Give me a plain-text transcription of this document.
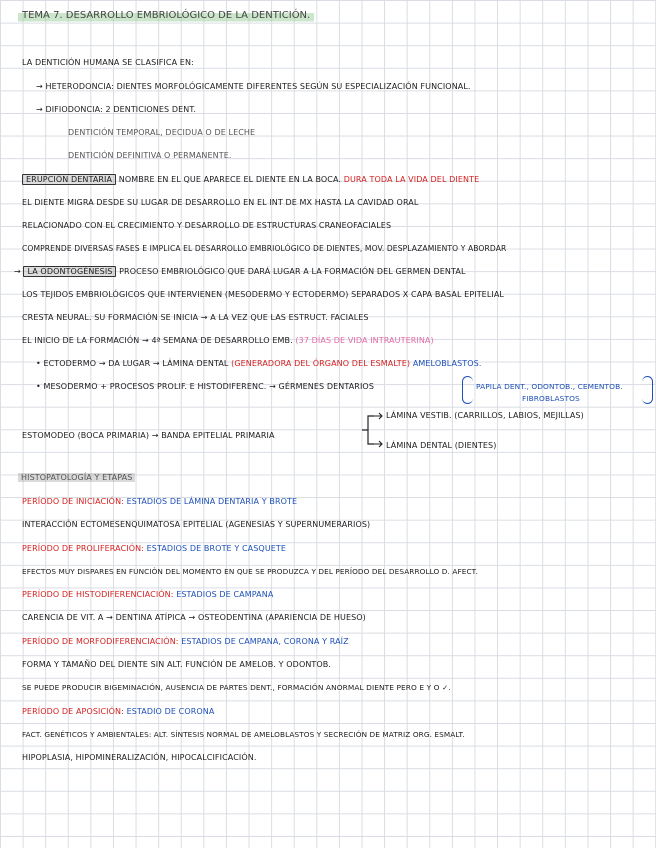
TEMA 7. DESARROLLO EMBRIOLÓGICO DE LA DENTICIÓN.
LA DENTICIÓN HUMANA SE CLASIFICA EN:
→ HETERODONCIA: DIENTES MORFOLÓGICAMENTE DIFERENTES SEGÚN SU ESPECIALIZACIÓN FUNCIONAL.
→ DIFIODONCIA: 2 DENTICIONES DENT.
DENTICIÓN TEMPORAL, DECIDUA O DE LECHE
DENTICIÓN DEFINITIVA O PERMANENTE.
ERUPCIÓN DENTARIA NOMBRE EN EL QUE APARECE EL DIENTE EN LA BOCA. DURA TODA LA VIDA DEL DIENTE
EL DIENTE MIGRA DESDE SU LUGAR DE DESARROLLO EN EL INT DE MX HASTA LA CAVIDAD ORAL
RELACIONADO CON EL CRECIMIENTO Y DESARROLLO DE ESTRUCTURAS CRANEOFACIALES
COMPRENDE DIVERSAS FASES E IMPLICA EL DESARROLLO EMBRIOLÓGICO DE DIENTES, MOV. DESPLAZAMIENTO Y ABORDAR
→ LA ODONTOGÉNESIS PROCESO EMBRIOLÓGICO QUE DARÁ LUGAR A LA FORMACIÓN DEL GERMEN DENTAL
LOS TEJIDOS EMBRIOLÓGICOS QUE INTERVIENEN (MESODERMO Y ECTODERMO) SEPARADOS X CAPA BASAL EPITELIAL
CRESTA NEURAL. SU FORMACIÓN SE INICIA → A LA VEZ QUE LAS ESTRUCT. FACIALES
EL INICIO DE LA FORMACIÓN → 4ª SEMANA DE DESARROLLO EMB. (37 DÍAS DE VIDA INTRAUTERINA)
• ECTODERMO → DA LUGAR → LÁMINA DENTAL (GENERADORA DEL ÓRGANO DEL ESMALTE) AMELOBLASTOS.
• MESODERMO + PROCESOS PROLIF. E HISTODIFERENC. → GÉRMENES DENTARIOS	PAPILA DENT., ODONTOB., CEMENTOB.
FIBROBLASTOS
ESTOMODEO (BOCA PRIMARIA) → BANDA EPITELIAL PRIMARIA
LÁMINA VESTIB. (CARRILLOS, LABIOS, MEJILLAS)
LÁMINA DENTAL (DIENTES)
HISTOPATOLOGÍA Y ETAPAS
PERÍODO DE INICIACIÓN: ESTADIOS DE LÁMINA DENTARIA Y BROTE
INTERACCIÓN ECTOMESENQUIMATOSA EPITELIAL (AGENESIAS Y SUPERNUMERARIOS)
PERÍODO DE PROLIFERACIÓN: ESTADIOS DE BROTE Y CASQUETE
EFECTOS MUY DISPARES EN FUNCIÓN DEL MOMENTO EN QUE SE PRODUZCA Y DEL PERÍODO DEL DESARROLLO D. AFECT.
PERÍODO DE HISTODIFERENCIACIÓN: ESTADIOS DE CAMPANA
CARENCIA DE VIT. A → DENTINA ATÍPICA → OSTEODENTINA (APARIENCIA DE HUESO)
PERÍODO DE MORFODIFERENCIACIÓN: ESTADIOS DE CAMPANA, CORONA Y RAÍZ
FORMA Y TAMAÑO DEL DIENTE SIN ALT. FUNCIÓN DE AMELOB. Y ODONTOB.
SE PUEDE PRODUCIR BIGEMINACIÓN, AUSENCIA DE PARTES DENT., FORMACIÓN ANORMAL DIENTE PERO E Y O ✓.
PERÍODO DE APOSICIÓN: ESTADIO DE CORONA
FACT. GENÉTICOS Y AMBIENTALES: ALT. SÍNTESIS NORMAL DE AMELOBLASTOS Y SECRECIÓN DE MATRIZ ORG. ESMALT.
HIPOPLASIA, HIPOMINERALIZACIÓN, HIPOCALCIFICACIÓN.
